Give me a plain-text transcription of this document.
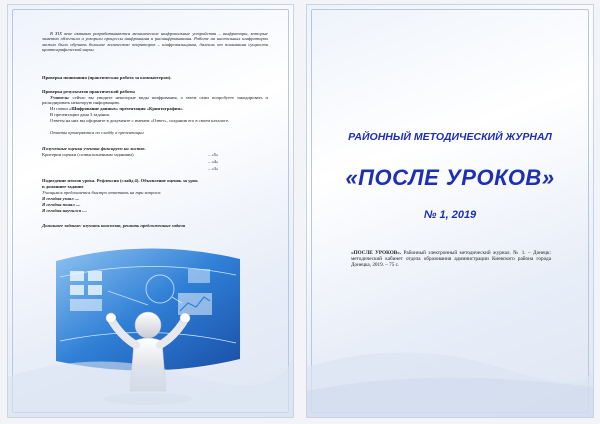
В XIX веке активно разрабатываются механические шифровальные устройства – шифраторы, которые заметно облегчили и ускорили процессы шифрования и расшифровывания. Работе на настольных шифраторах можно было обучить большое количество операторов – шифровальщиков, далеких от понимания сущности криптографической науки.
Проверка понимания (практическая работа за компьютером).
Проверка результатов практической работы
Учитель: сейчас вы увидите некоторые виды шифрования, а затем сами попробуете закодировать и раскодировать некоторую информацию.
Из папки «Шифрование данных» презентация «Криптография».
В презентации дана 3 задания.
Ответы на них вы оформите в документе с именем «Ответ», сохранив его в своем каталоге.
Ответы проверяются по слайду в презентации
Полученные оценки ученика фиксируем на листке.
Критерии оценки (созвыполненным заданиям)	– «5»
– «4»
– «3»
Подведение итогов урока. Рефлексия (слайд 4). Объявление оценок за урок
и домашнее задание
Учащимся предлагается быстро ответить на три вопроса:
Я сегодня узнал ....
Я сегодня понял ....
Я сегодня научился ....
Домашнее задание: изучить конспект, решить предложенные задачи
РАЙОННЫЙ МЕТОДИЧЕСКИЙ ЖУРНАЛ
«ПОСЛЕ УРОКОВ»
№ 1, 2019
«ПОСЛЕ УРОКОВ». Районный электронный методический журнал. № 1. – Донецк: методический кабинет отдела образования администрации Киевского района города Донецка, 2019. – 75 с.
